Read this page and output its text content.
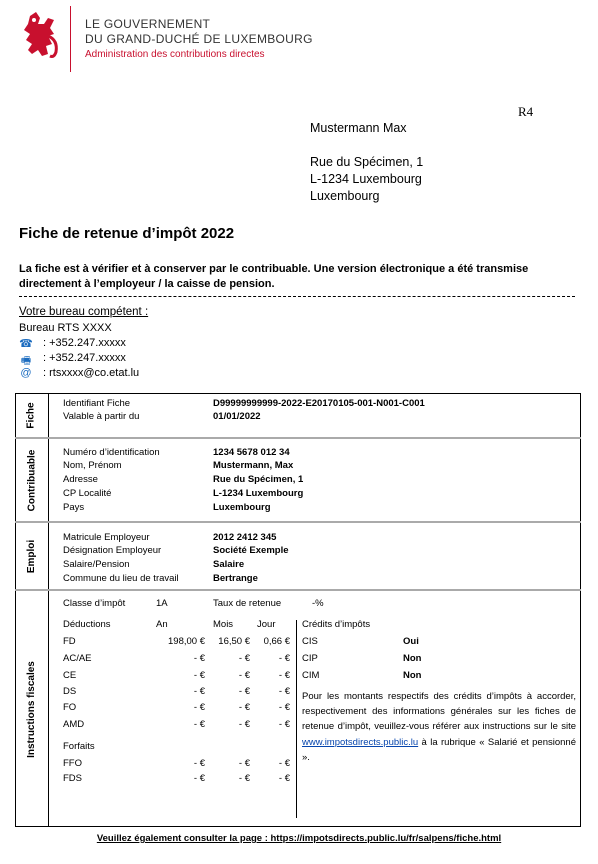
LE GOUVERNEMENT
DU GRAND-DUCHÉ DE LUXEMBOURG
Administration des contributions directes
R4
Mustermann Max
Rue du Spécimen, 1
L-1234 Luxembourg
Luxembourg
Fiche de retenue d’impôt 2022
La fiche est à vérifier et à conserver par le contribuable. Une version électronique a été transmise directement à l’employeur / la caisse de pension.
Votre bureau compétent :
Bureau RTS XXXX
☎ : +352.247.xxxxx
🖷 : +352.247.xxxxx
@ : rtsxxxx@co.etat.lu
Fiche	Identifiant Fiche	D99999999999-2022-E20170105-001-N001-C001
Valable à partir du	01/01/2022
Contribuable	Numéro d’identification	1234 5678 012 34
Nom, Prénom	Mustermann, Max
Adresse	Rue du Spécimen, 1
CP Localité	L-1234 Luxembourg
Pays	Luxembourg
Emploi
Matricule Employeur	2012 2412 345
Désignation Employeur	Société Exemple
Salaire/Pension	Salaire
Commune du lieu de travail	Bertrange
Instructions fiscales
Classe d’impôt	1A	Taux de retenue	-%
Déductions	An	Mois	Jour
FD	198,00 €	16,50 €	0,66 €
AC/AE	- €	- €	- €
CE	- €	- €	- €
DS	- €	- €	- €
FO	- €	- €	- €
AMD	- €	- €	- €
Forfaits
FFO	- €	- €	- €
FDS	- €	- €	- €
Crédits d’impôts
CIS	Oui
CIP	Non
CIM	Non
Pour les montants respectifs des crédits d’impôts à accorder, respectivement des informations générales sur les fiches de retenue d’impôt, veuillez-vous référer aux instructions sur le site www.impotsdirects.public.lu à la rubrique « Salarié et pensionné ».
Veuillez également consulter la page : https://impotsdirects.public.lu/fr/salpens/fiche.html
